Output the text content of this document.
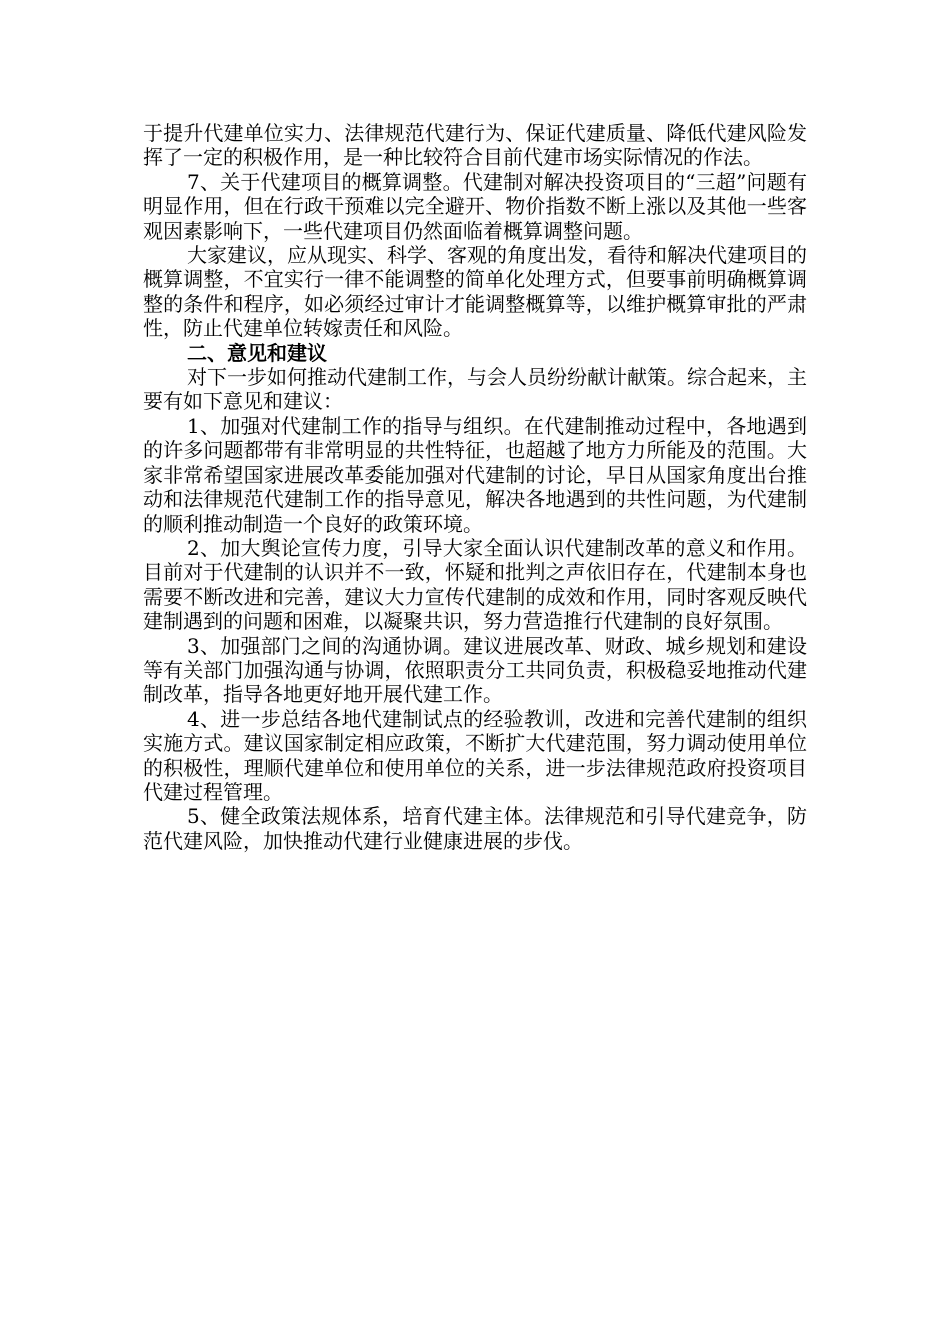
于提升代建单位实力、法律规范代建行为、保证代建质量、降低代建风险发挥了一定的积极作用，是一种比较符合目前代建市场实际情况的作法。

7、关于代建项目的概算调整。代建制对解决投资项目的“三超”问题有明显作用，但在行政干预难以完全避开、物价指数不断上涨以及其他一些客观因素影响下，一些代建项目仍然面临着概算调整问题。

大家建议，应从现实、科学、客观的角度出发，看待和解决代建项目的概算调整，不宜实行一律不能调整的简单化处理方式，但要事前明确概算调整的条件和程序，如必须经过审计才能调整概算等，以维护概算审批的严肃性，防止代建单位转嫁责任和风险。

二、意见和建议

对下一步如何推动代建制工作，与会人员纷纷献计献策。综合起来，主要有如下意见和建议：

1、加强对代建制工作的指导与组织。在代建制推动过程中，各地遇到的许多问题都带有非常明显的共性特征，也超越了地方力所能及的范围。大家非常希望国家进展改革委能加强对代建制的讨论，早日从国家角度出台推动和法律规范代建制工作的指导意见，解决各地遇到的共性问题，为代建制的顺利推动制造一个良好的政策环境。

2、加大舆论宣传力度，引导大家全面认识代建制改革的意义和作用。目前对于代建制的认识并不一致，怀疑和批判之声依旧存在，代建制本身也需要不断改进和完善，建议大力宣传代建制的成效和作用，同时客观反映代建制遇到的问题和困难，以凝聚共识，努力营造推行代建制的良好氛围。

3、加强部门之间的沟通协调。建议进展改革、财政、城乡规划和建设等有关部门加强沟通与协调，依照职责分工共同负责，积极稳妥地推动代建制改革，指导各地更好地开展代建工作。

4、进一步总结各地代建制试点的经验教训，改进和完善代建制的组织实施方式。建议国家制定相应政策，不断扩大代建范围，努力调动使用单位的积极性，理顺代建单位和使用单位的关系，进一步法律规范政府投资项目代建过程管理。

5、健全政策法规体系，培育代建主体。法律规范和引导代建竞争，防范代建风险，加快推动代建行业健康进展的步伐。
